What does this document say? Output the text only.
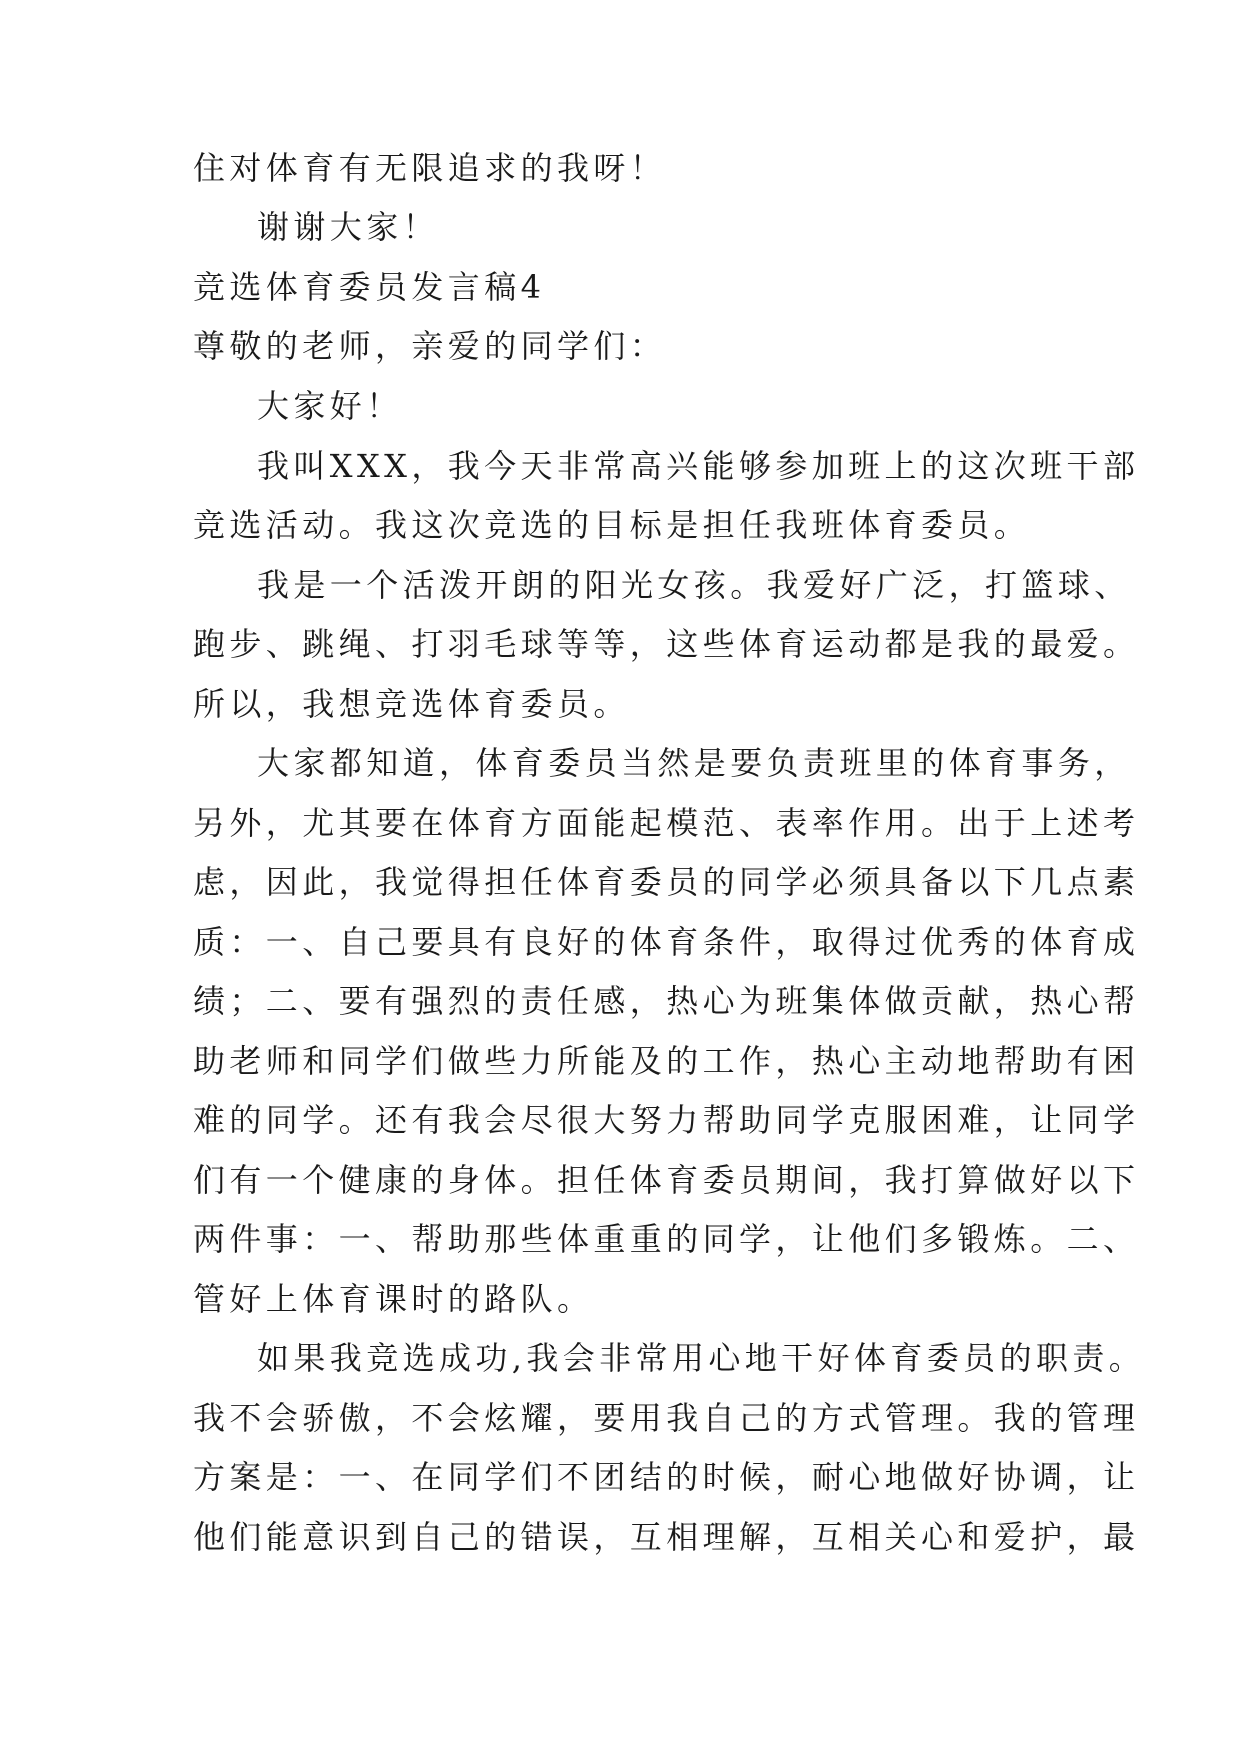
住对体育有无限追求的我呀！
谢谢大家！
竞选体育委员发言稿4
尊敬的老师，亲爱的同学们：
大家好！
我叫XXX，我今天非常高兴能够参加班上的这次班干部
竞选活动。我这次竞选的目标是担任我班体育委员。
我是一个活泼开朗的阳光女孩。我爱好广泛，打篮球、
跑步、跳绳、打羽毛球等等，这些体育运动都是我的最爱。
所以，我想竞选体育委员。
大家都知道，体育委员当然是要负责班里的体育事务，
另外，尤其要在体育方面能起模范、表率作用。出于上述考
虑，因此，我觉得担任体育委员的同学必须具备以下几点素
质：一、自己要具有良好的体育条件，取得过优秀的体育成
绩；二、要有强烈的责任感，热心为班集体做贡献，热心帮
助老师和同学们做些力所能及的工作，热心主动地帮助有困
难的同学。还有我会尽很大努力帮助同学克服困难，让同学
们有一个健康的身体。担任体育委员期间，我打算做好以下
两件事：一、帮助那些体重重的同学，让他们多锻炼。二、
管好上体育课时的路队。
如果我竞选成功,我会非常用心地干好体育委员的职责。
我不会骄傲，不会炫耀，要用我自己的方式管理。我的管理
方案是：一、在同学们不团结的时候，耐心地做好协调，让
他们能意识到自己的错误，互相理解，互相关心和爱护，最
